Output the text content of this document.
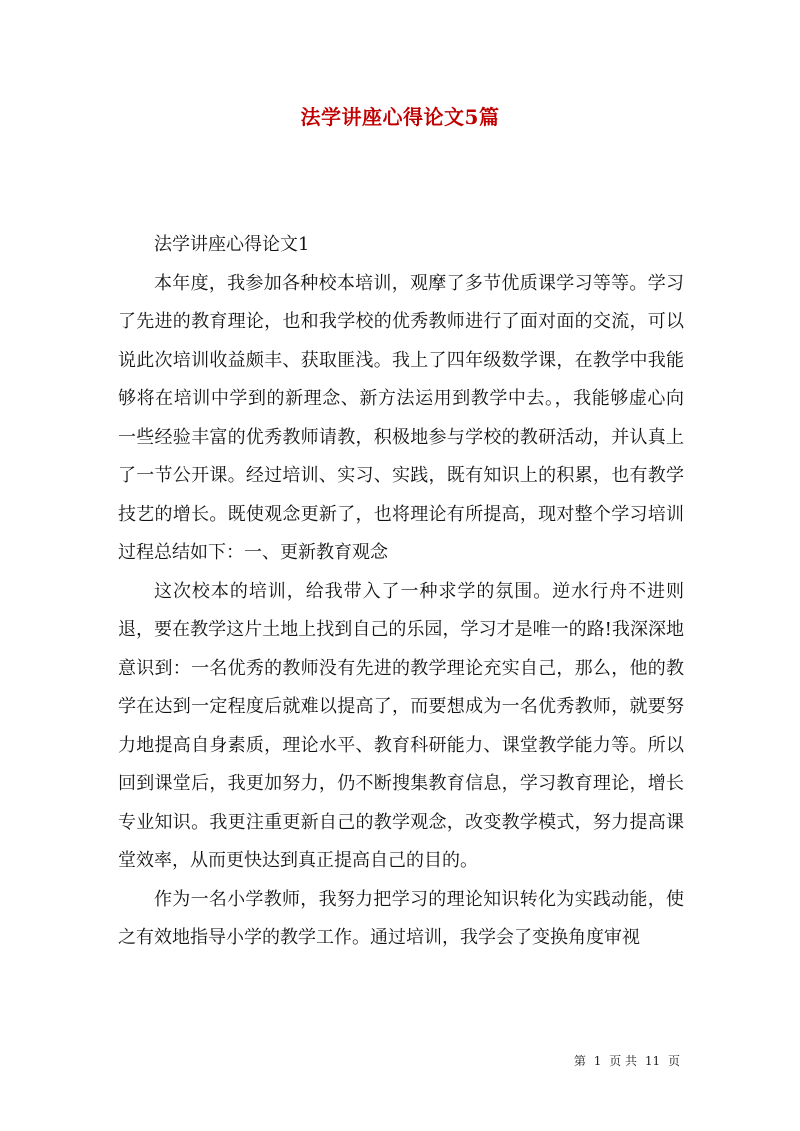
法学讲座心得论文5篇

法学讲座心得论文1

本年度，我参加各种校本培训，观摩了多节优质课学习等等。学习了先进的教育理论，也和我学校的优秀教师进行了面对面的交流，可以说此次培训收益颇丰、获取匪浅。我上了四年级数学课，在教学中我能够将在培训中学到的新理念、新方法运用到教学中去。，我能够虚心向一些经验丰富的优秀教师请教，积极地参与学校的教研活动，并认真上了一节公开课。经过培训、实习、实践，既有知识上的积累，也有教学技艺的增长。既使观念更新了，也将理论有所提高，现对整个学习培训过程总结如下：一、更新教育观念

这次校本的培训，给我带入了一种求学的氛围。逆水行舟不进则退，要在教学这片土地上找到自己的乐园，学习才是唯一的路!我深深地意识到：一名优秀的教师没有先进的教学理论充实自己，那么，他的教学在达到一定程度后就难以提高了，而要想成为一名优秀教师，就要努力地提高自身素质，理论水平、教育科研能力、课堂教学能力等。所以回到课堂后，我更加努力，仍不断搜集教育信息，学习教育理论，增长专业知识。我更注重更新自己的教学观念，改变教学模式，努力提高课堂效率，从而更快达到真正提高自己的目的。

作为一名小学教师，我努力把学习的理论知识转化为实践动能，使之有效地指导小学的教学工作。通过培训，我学会了变换角度审视

第 1 页 共 11 页
